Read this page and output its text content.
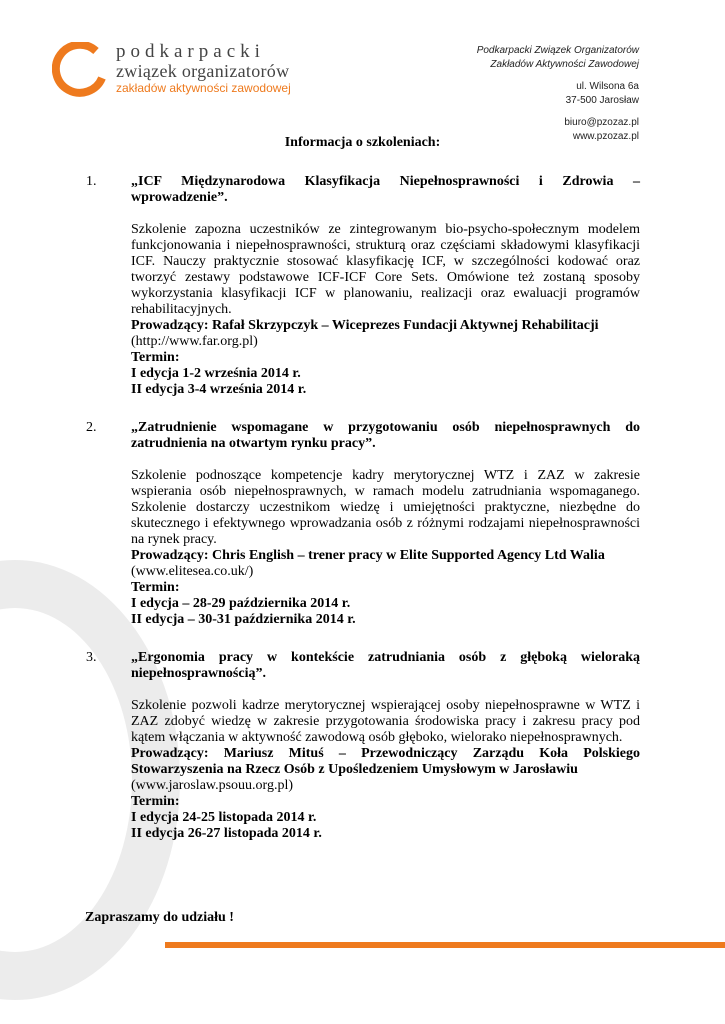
podkarpacki
związek organizatorów
zakładów aktywności zawodowej
Podkarpacki Związek Organizatorów
Zakładów Aktywności Zawodowej
ul. Wilsona 6a
37-500 Jarosław
biuro@pzozaz.pl
www.pzozaz.pl
Informacja o szkoleniach:
1. „ICF Międzynarodowa Klasyfikacja Niepełnosprawności i Zdrowia – wprowadzenie”.

Szkolenie zapozna uczestników ze zintegrowanym bio-psycho-społecznym modelem funkcjonowania i niepełnosprawności, strukturą oraz częściami składowymi klasyfikacji ICF. Nauczy praktycznie stosować klasyfikację ICF, w szczególności kodować oraz tworzyć zestawy podstawowe ICF-ICF Core Sets. Omówione też zostaną sposoby wykorzystania klasyfikacji ICF w planowaniu, realizacji oraz ewaluacji programów rehabilitacyjnych.

Prowadzący: Rafał Skrzypczyk – Wiceprezes Fundacji Aktywnej Rehabilitacji

(http://www.far.org.pl)

Termin:

I edycja 1-2 września 2014 r.

II edycja 3-4 września 2014 r.

2. „Zatrudnienie wspomagane w przygotowaniu osób niepełnosprawnych do zatrudnienia na otwartym rynku pracy”.

Szkolenie podnoszące kompetencje kadry merytorycznej WTZ i ZAZ w zakresie wspierania osób niepełnosprawnych, w ramach modelu zatrudniania wspomaganego. Szkolenie dostarczy uczestnikom wiedzę i umiejętności praktyczne, niezbędne do skutecznego i efektywnego wprowadzania osób z różnymi rodzajami niepełnosprawności na rynek pracy.

Prowadzący: Chris English – trener pracy w Elite Supported Agency Ltd Walia

(www.elitesea.co.uk/)

Termin:

I edycja – 28-29 października 2014 r.

II edycja – 30-31 października 2014 r.

3. „Ergonomia pracy w kontekście zatrudniania osób z głęboką wieloraką niepełnosprawnością”.

Szkolenie pozwoli kadrze merytorycznej wspierającej osoby niepełnosprawne w WTZ i ZAZ zdobyć wiedzę w zakresie przygotowania środowiska pracy i zakresu pracy pod kątem włączania w aktywność zawodową osób głęboko, wielorako niepełnosprawnych.

Prowadzący: Mariusz Mituś – Przewodniczący Zarządu Koła Polskiego Stowarzyszenia na Rzecz Osób z Upośledzeniem Umysłowym w Jarosławiu

(www.jaroslaw.psouu.org.pl)

Termin:

I edycja 24-25 listopada 2014 r.

II edycja 26-27 listopada 2014 r.

Zapraszamy do udziału !
